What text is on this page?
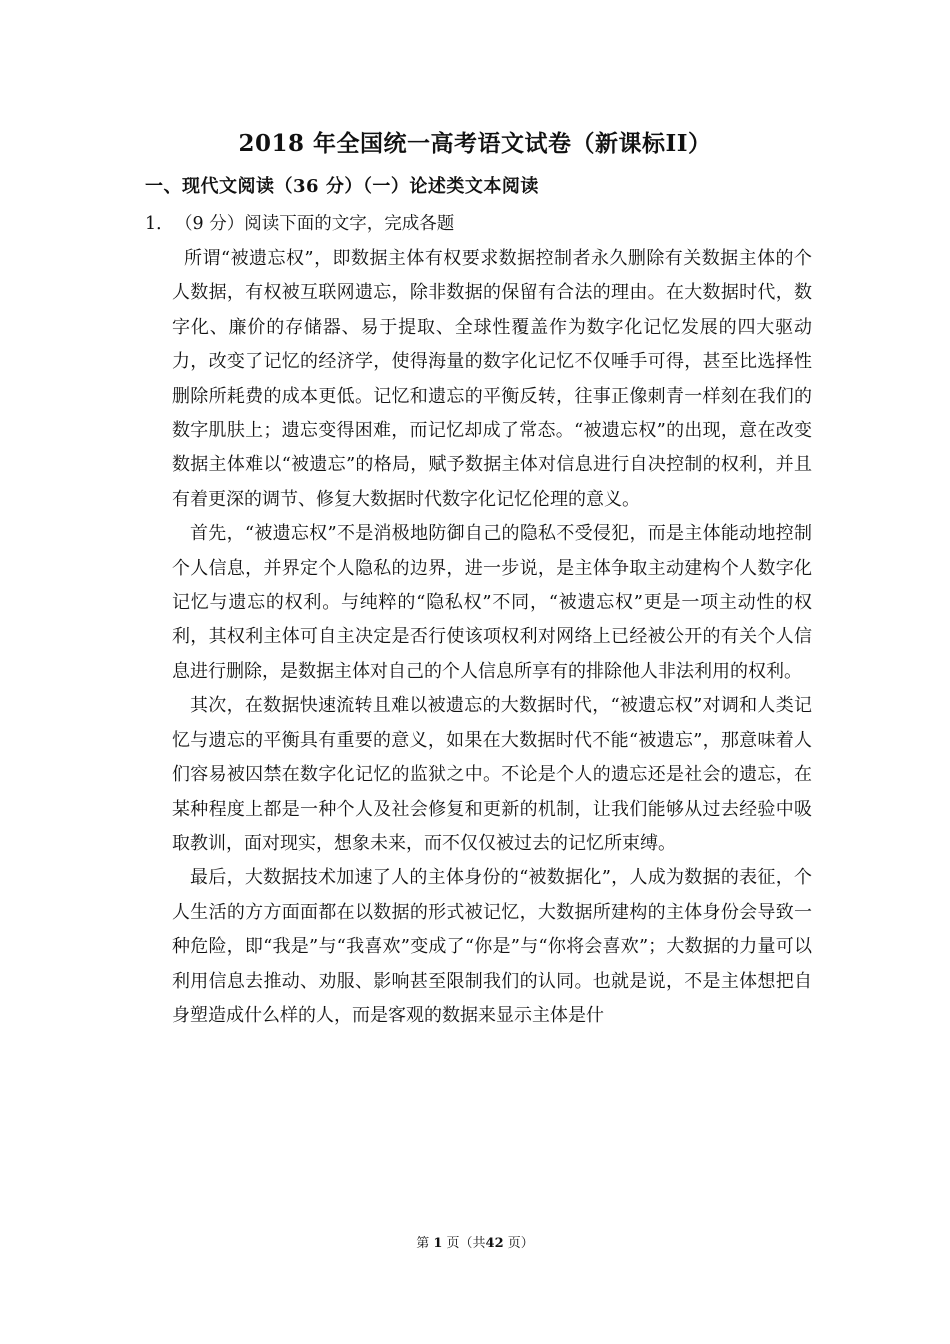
2018 年全国统一高考语文试卷（新课标II）
一、现代文阅读（36 分）（一）论述类文本阅读
1．（9 分）阅读下面的文字，完成各题

所谓“被遗忘权”，即数据主体有权要求数据控制者永久删除有关数据主体的个人数据，有权被互联网遗忘，除非数据的保留有合法的理由。在大数据时代，数字化、廉价的存储器、易于提取、全球性覆盖作为数字化记忆发展的四大驱动力，改变了记忆的经济学，使得海量的数字化记忆不仅唾手可得，甚至比选择性删除所耗费的成本更低。记忆和遗忘的平衡反转，往事正像刺青一样刻在我们的数字肌肤上；遗忘变得困难，而记忆却成了常态。“被遗忘权”的出现，意在改变数据主体难以“被遗忘”的格局，赋予数据主体对信息进行自决控制的权利，并且有着更深的调节、修复大数据时代数字化记忆伦理的意义。

首先，“被遗忘权”不是消极地防御自己的隐私不受侵犯，而是主体能动地控制个人信息，并界定个人隐私的边界，进一步说，是主体争取主动建构个人数字化记忆与遗忘的权利。与纯粹的“隐私权”不同，“被遗忘权”更是一项主动性的权利，其权利主体可自主决定是否行使该项权利对网络上已经被公开的有关个人信息进行删除，是数据主体对自己的个人信息所享有的排除他人非法利用的权利。

其次，在数据快速流转且难以被遗忘的大数据时代，“被遗忘权”对调和人类记忆与遗忘的平衡具有重要的意义，如果在大数据时代不能“被遗忘”，那意味着人们容易被囚禁在数字化记忆的监狱之中。不论是个人的遗忘还是社会的遗忘，在某种程度上都是一种个人及社会修复和更新的机制，让我们能够从过去经验中吸取教训，面对现实，想象未来，而不仅仅被过去的记忆所束缚。

最后，大数据技术加速了人的主体身份的“被数据化”，人成为数据的表征，个人生活的方方面面都在以数据的形式被记忆，大数据所建构的主体身份会导致一种危险，即“我是”与“我喜欢”变成了“你是”与“你将会喜欢”；大数据的力量可以利用信息去推动、劝服、影响甚至限制我们的认同。也就是说，不是主体想把自身塑造成什么样的人，而是客观的数据来显示主体是什

第 1 页（共42 页）
